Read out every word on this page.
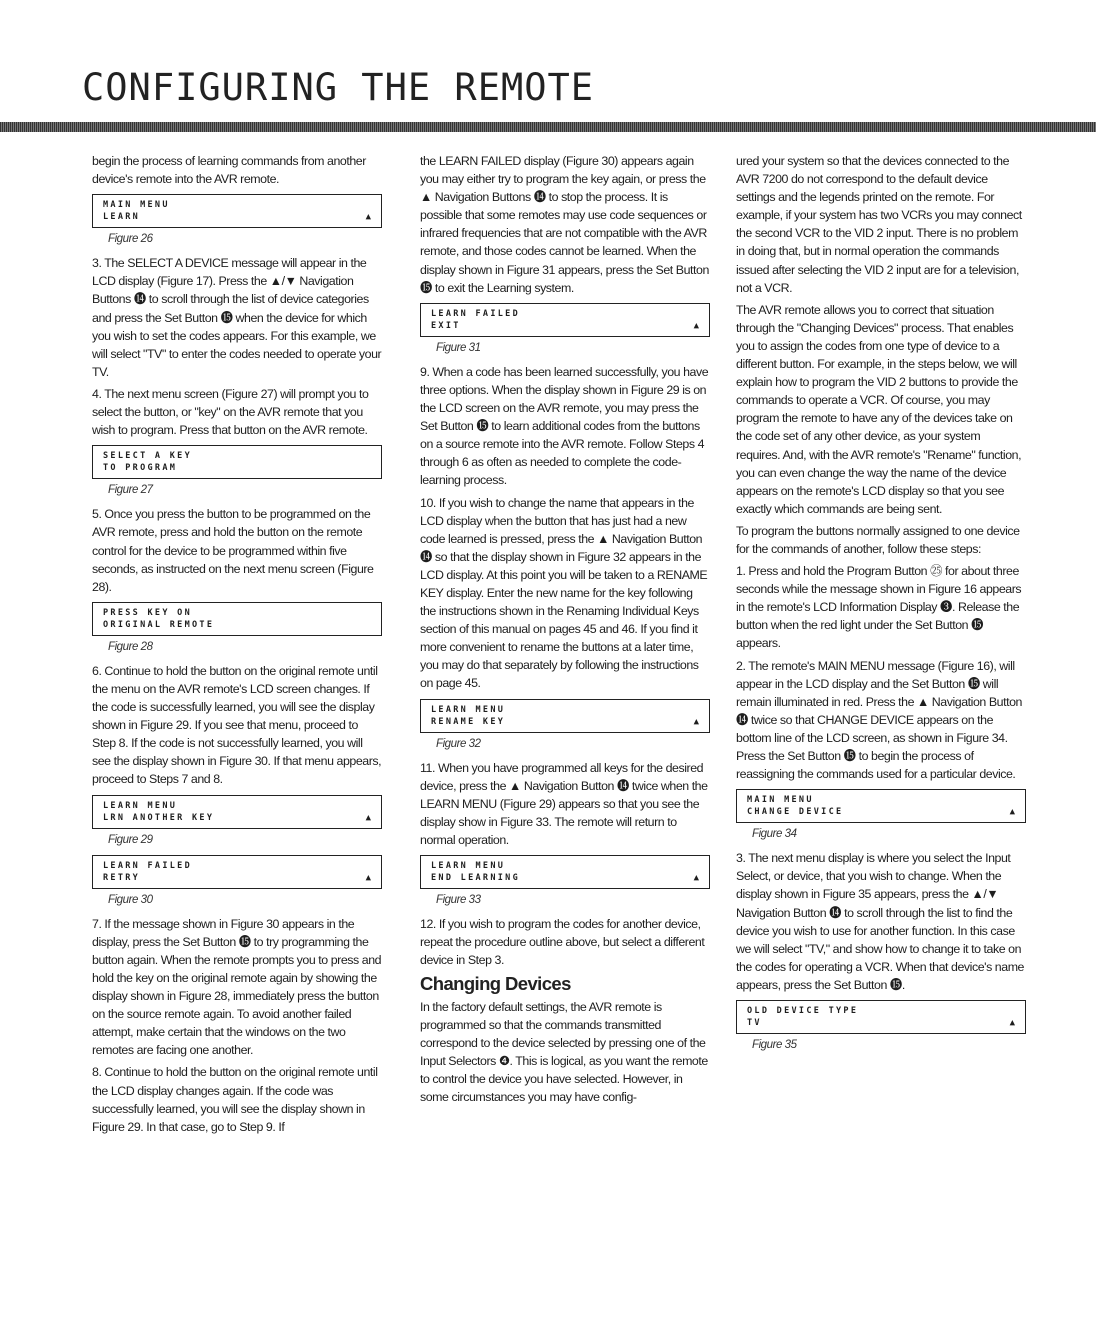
CONFIGURING THE REMOTE

begin the process of learning commands from another device's remote into the AVR remote.

MAIN MENU
LEARN	▲
Figure 26

3. The SELECT A DEVICE message will appear in the LCD display (Figure 17). Press the ▲/▼ Navigation Buttons ⓮ to scroll through the list of device categories and press the Set Button ⓯ when the device for which you wish to set the codes appears. For this example, we will select "TV" to enter the codes needed to operate your TV.

4. The next menu screen (Figure 27) will prompt you to select the button, or "key" on the AVR remote that you wish to program. Press that button on the AVR remote.

SELECT A KEY
TO PROGRAM
Figure 27

5. Once you press the button to be programmed on the AVR remote, press and hold the button on the remote control for the device to be programmed within five seconds, as instructed on the next menu screen (Figure 28).

PRESS KEY ON
ORIGINAL REMOTE
Figure 28

6. Continue to hold the button on the original remote until the menu on the AVR remote's LCD screen changes. If the code is successfully learned, you will see the display shown in Figure 29. If you see that menu, proceed to Step 8. If the code is not successfully learned, you will see the display shown in Figure 30. If that menu appears, proceed to Steps 7 and 8.

LEARN MENU
LRN ANOTHER KEY	▲
Figure 29
LEARN FAILED
RETRY	▲
Figure 30

7. If the message shown in Figure 30 appears in the display, press the Set Button ⓯ to try programming the button again. When the remote prompts you to press and hold the key on the original remote again by showing the display shown in Figure 28, immediately press the button on the source remote again. To avoid another failed attempt, make certain that the windows on the two remotes are facing one another.

8. Continue to hold the button on the original remote until the LCD display changes again. If the code was successfully learned, you will see the display shown in Figure 29. In that case, go to Step 9. If

the LEARN FAILED display (Figure 30) appears again you may either try to program the key again, or press the ▲ Navigation Buttons ⓮ to stop the process. It is possible that some remotes may use code sequences or infrared frequencies that are not compatible with the AVR remote, and those codes cannot be learned. When the display shown in Figure 31 appears, press the Set Button ⓯ to exit the Learning system.

LEARN FAILED
EXIT	▲
Figure 31

9. When a code has been learned successfully, you have three options. When the display shown in Figure 29 is on the LCD screen on the AVR remote, you may press the Set Button ⓯ to learn additional codes from the buttons on a source remote into the AVR remote. Follow Steps 4 through 6 as often as needed to complete the code-learning process.

10. If you wish to change the name that appears in the LCD display when the button that has just had a new code learned is pressed, press the ▲ Navigation Button ⓮ so that the display shown in Figure 32 appears in the LCD display. At this point you will be taken to a RENAME KEY display. Enter the new name for the key following the instructions shown in the Renaming Individual Keys section of this manual on pages 45 and 46. If you find it more convenient to rename the buttons at a later time, you may do that separately by following the instructions on page 45.

LEARN MENU
RENAME KEY	▲
Figure 32

11. When you have programmed all keys for the desired device, press the ▲ Navigation Button ⓮ twice when the LEARN MENU (Figure 29) appears so that you see the display show in Figure 33. The remote will return to normal operation.

LEARN MENU
END LEARNING	▲
Figure 33

12. If you wish to program the codes for another device, repeat the procedure outline above, but select a different device in Step 3.

Changing Devices

In the factory default settings, the AVR remote is programmed so that the commands transmitted correspond to the device selected by pressing one of the Input Selectors ❹. This is logical, as you want the remote to control the device you have selected. However, in some circumstances you may have config-

ured your system so that the devices connected to the AVR 7200 do not correspond to the default device settings and the legends printed on the remote. For example, if your system has two VCRs you may connect the second VCR to the VID 2 input. There is no problem in doing that, but in normal operation the commands issued after selecting the VID 2 input are for a television, not a VCR.

The AVR remote allows you to correct that situation through the "Changing Devices" process. That enables you to assign the codes from one type of device to a different button. For example, in the steps below, we will explain how to program the VID 2 buttons to provide the commands to operate a VCR. Of course, you may program the remote to have any of the devices take on the code set of any other device, as your system requires. And, with the AVR remote's "Rename" function, you can even change the way the name of the device appears on the remote's LCD display so that you see exactly which commands are being sent.

To program the buttons normally assigned to one device for the commands of another, follow these steps:

1. Press and hold the Program Button ㉕ for about three seconds while the message shown in Figure 16 appears in the remote's LCD Information Display ❸. Release the button when the red light under the Set Button ⓯ appears.

2. The remote's MAIN MENU message (Figure 16), will appear in the LCD display and the Set Button ⓯ will remain illuminated in red. Press the ▲ Navigation Button ⓮ twice so that CHANGE DEVICE appears on the bottom line of the LCD screen, as shown in Figure 34. Press the Set Button ⓯ to begin the process of reassigning the commands used for a particular device.

MAIN MENU
CHANGE DEVICE	▲
Figure 34

3. The next menu display is where you select the Input Select, or device, that you wish to change. When the display shown in Figure 35 appears, press the ▲/▼ Navigation Button ⓮ to scroll through the list to find the device you wish to use for another function. In this case we will select "TV," and show how to change it to take on the codes for operating a VCR. When that device's name appears, press the Set Button ⓯.

OLD DEVICE TYPE
TV	▲
Figure 35
